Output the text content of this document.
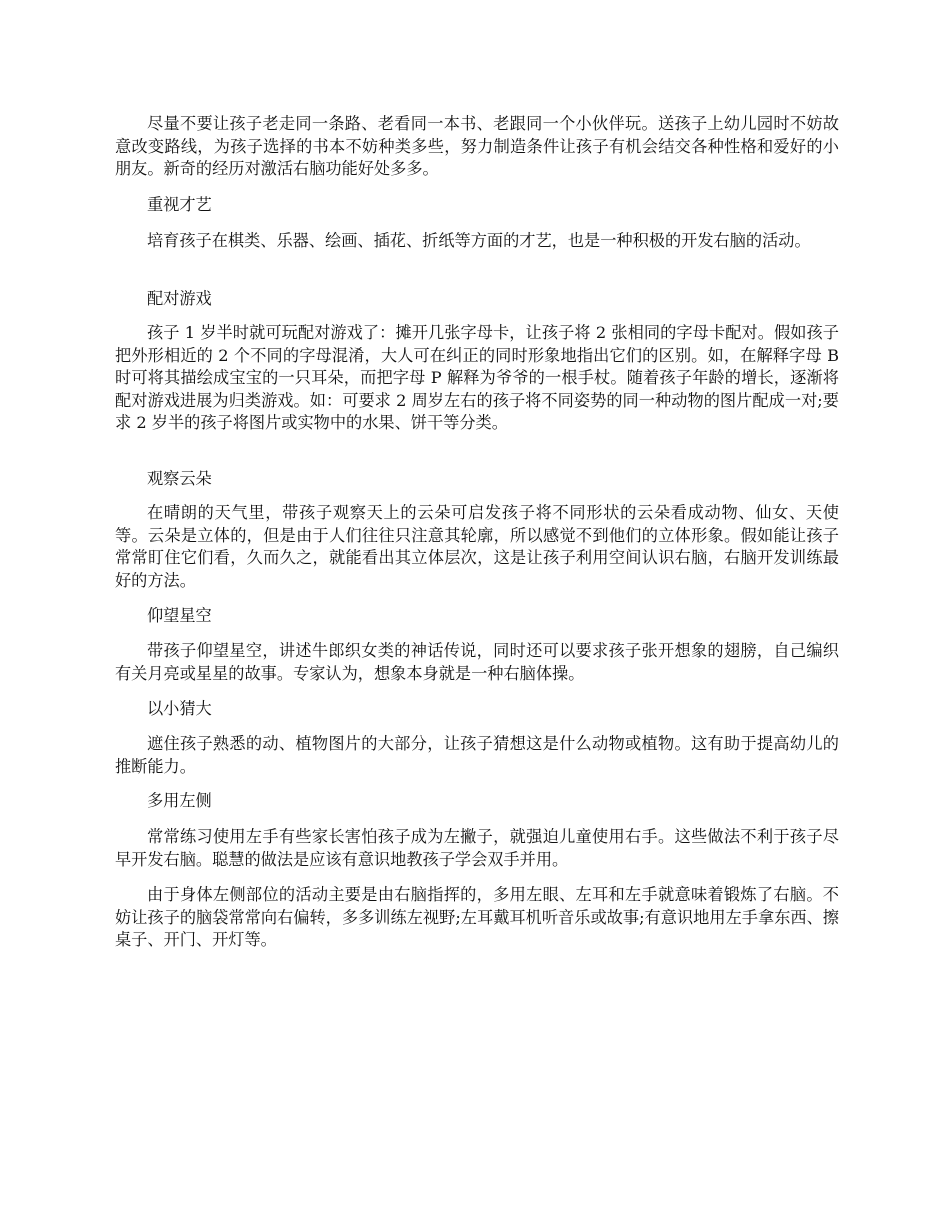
尽量不要让孩子老走同一条路、老看同一本书、老跟同一个小伙伴玩。送孩子上幼儿园时不妨故意改变路线，为孩子选择的书本不妨种类多些，努力制造条件让孩子有机会结交各种性格和爱好的小朋友。新奇的经历对激活右脑功能好处多多。

重视才艺

培育孩子在棋类、乐器、绘画、插花、折纸等方面的才艺，也是一种积极的开发右脑的活动。

配对游戏

孩子 1 岁半时就可玩配对游戏了：摊开几张字母卡，让孩子将 2 张相同的字母卡配对。假如孩子把外形相近的 2 个不同的字母混淆，大人可在纠正的同时形象地指出它们的区别。如，在解释字母 B 时可将其描绘成宝宝的一只耳朵，而把字母 P 解释为爷爷的一根手杖。随着孩子年龄的增长，逐渐将配对游戏进展为归类游戏。如：可要求 2 周岁左右的孩子将不同姿势的同一种动物的图片配成一对;要求 2 岁半的孩子将图片或实物中的水果、饼干等分类。

观察云朵

在晴朗的天气里，带孩子观察天上的云朵可启发孩子将不同形状的云朵看成动物、仙女、天使等。云朵是立体的，但是由于人们往往只注意其轮廓，所以感觉不到他们的立体形象。假如能让孩子常常盯住它们看，久而久之，就能看出其立体层次，这是让孩子利用空间认识右脑，右脑开发训练最好的方法。

仰望星空

带孩子仰望星空，讲述牛郎织女类的神话传说，同时还可以要求孩子张开想象的翅膀，自己编织有关月亮或星星的故事。专家认为，想象本身就是一种右脑体操。

以小猜大

遮住孩子熟悉的动、植物图片的大部分，让孩子猜想这是什么动物或植物。这有助于提高幼儿的推断能力。

多用左侧

常常练习使用左手有些家长害怕孩子成为左撇子，就强迫儿童使用右手。这些做法不利于孩子尽早开发右脑。聪慧的做法是应该有意识地教孩子学会双手并用。

由于身体左侧部位的活动主要是由右脑指挥的，多用左眼、左耳和左手就意味着锻炼了右脑。不妨让孩子的脑袋常常向右偏转，多多训练左视野;左耳戴耳机听音乐或故事;有意识地用左手拿东西、擦桌子、开门、开灯等。
